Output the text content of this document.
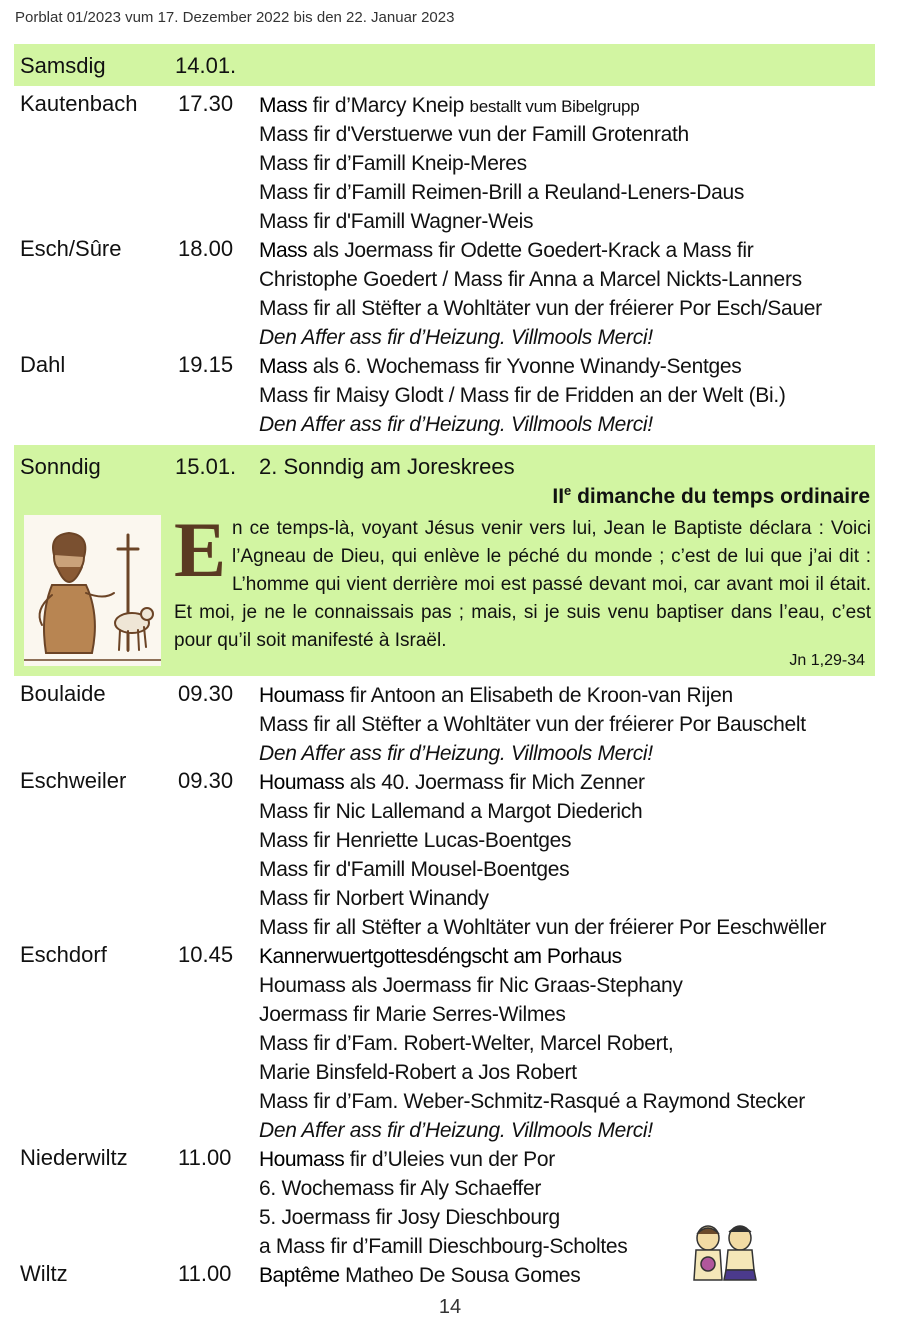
Porblat 01/2023 vum 17. Dezember 2022 bis den 22. Januar 2023
Samsdig	14.01.
Kautenbach 17.30 Mass fir d’Marcy Kneip bestallt vum Bibelgrupp
Mass fir d'Verstuerwe vun der Famill Grotenrath
Mass fir d’Famill Kneip-Meres
Mass fir d’Famill Reimen-Brill a Reuland-Leners-Daus
Mass fir d'Famill Wagner-Weis
Esch/Sûre	18.00 Mass als Joermass fir Odette Goedert-Krack a Mass fir
Christophe Goedert / Mass fir Anna a Marcel Nickts-Lanners
Mass fir all Stëfter a Wohltäter vun der fréierer Por Esch/Sauer
Den Affer ass fir d’Heizung. Villmools Merci!
Dahl	19.15 Mass als 6. Wochemass fir Yvonne Winandy-Sentges
Mass fir Maisy Glodt / Mass fir de Fridden an der Welt (Bi.)
Den Affer ass fir d’Heizung. Villmools Merci!
Sonndig	15.01. 2. Sonndig am Joreskrees
IIe dimanche du temps ordinaire
En ce temps-là, voyant Jésus venir vers lui, Jean le Baptiste déclara : Voici l’Agneau de Dieu, qui enlève le péché du monde ; c’est de lui que j’ai dit : L’homme qui vient derrière moi est passé devant moi, car avant moi il était. Et moi, je ne le connaissais pas ; mais, si je suis venu baptiser dans l’eau, c’est pour qu’il soit manifesté à Israël.
Jn 1,29-34
Boulaide	09.30 Houmass fir Antoon an Elisabeth de Kroon-van Rijen
Mass fir all Stëfter a Wohltäter vun der fréierer Por Bauschelt
Den Affer ass fir d’Heizung. Villmools Merci!
Eschweiler 09.30 Houmass als 40. Joermass fir Mich Zenner
Mass fir Nic Lallemand a Margot Diederich
Mass fir Henriette Lucas-Boentges
Mass fir d'Famill Mousel-Boentges
Mass fir Norbert Winandy
Mass fir all Stëfter a Wohltäter vun der fréierer Por Eeschwëller
Eschdorf	10.45 Kannerwuertgottesdéngscht am Porhaus
Houmass als Joermass fir Nic Graas-Stephany
Joermass fir Marie Serres-Wilmes
Mass fir d’Fam. Robert-Welter, Marcel Robert,
Marie Binsfeld-Robert a Jos Robert
Mass fir d’Fam. Weber-Schmitz-Rasqué a Raymond Stecker
Den Affer ass fir d’Heizung. Villmools Merci!
Niederwiltz 11.00 Houmass fir d’Uleies vun der Por
6. Wochemass fir Aly Schaeffer
5. Joermass fir Josy Dieschbourg
a Mass fir d’Famill Dieschbourg-Scholtes
Wiltz	11.00 Baptême Matheo De Sousa Gomes
14
